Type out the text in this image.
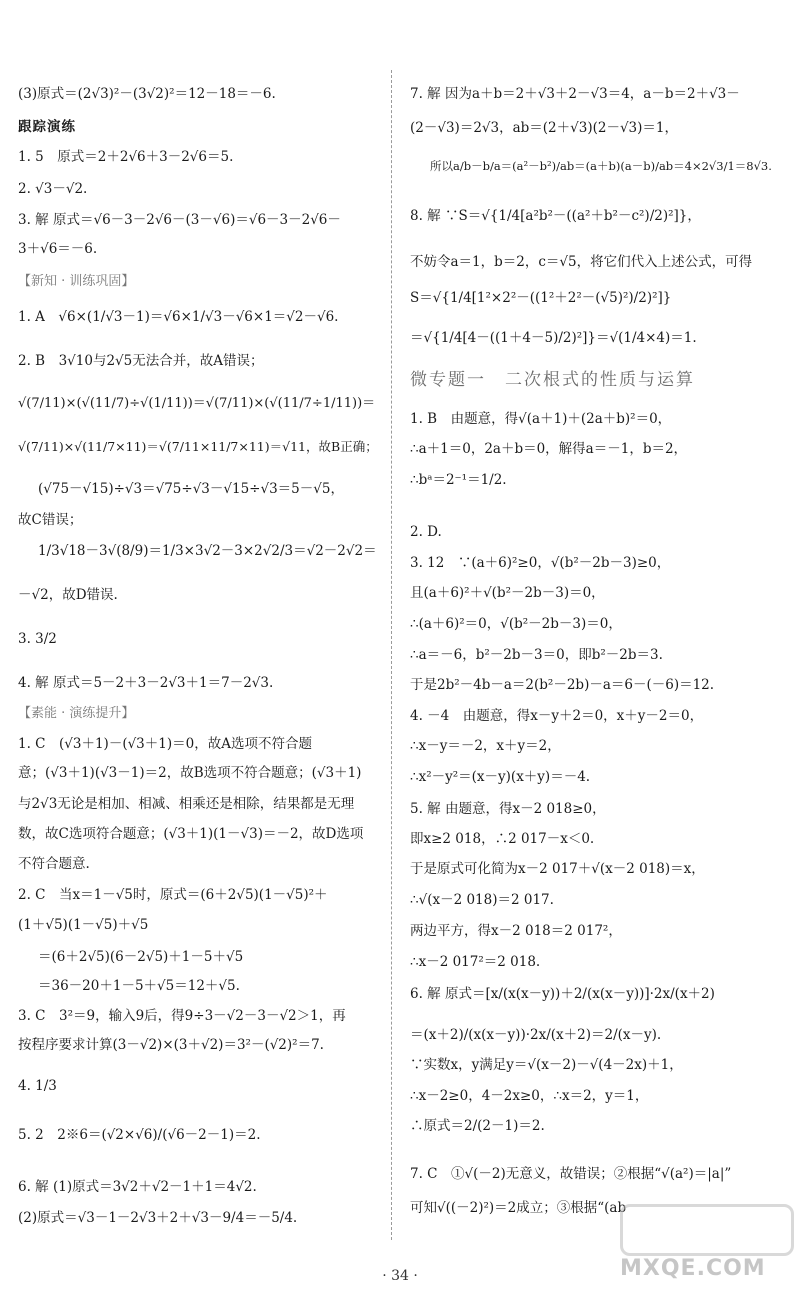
(3)原式＝(2√3)²－(3√2)²＝12－18＝－6.
跟踪演练
1. 5　原式＝2＋2√6＋3－2√6＝5.
2. √3－√2.
3. 解 原式＝√6－3－2√6－(3－√6)＝√6－3－2√6－
3＋√6＝－6.
【新知 · 训练巩固】
1. A　√6×(1/√3－1)＝√6×1/√3－√6×1＝√2－√6.
2. B　3√10与2√5无法合并，故A错误；
√(7/11)×(√(11/7)÷√(1/11))＝√(7/11)×(√(11/7÷1/11))＝
√(7/11)×√(11/7×11)＝√(7/11×11/7×11)＝√11，故B正确；
(√75－√15)÷√3＝√75÷√3－√15÷√3＝5－√5，
故C错误；
1/3√18－3√(8/9)＝1/3×3√2－3×2√2/3＝√2－2√2＝
－√2，故D错误.
3. 3/2
4. 解 原式＝5－2＋3－2√3＋1＝7－2√3.
【素能 · 演练提升】
1. C　(√3＋1)－(√3＋1)＝0，故A选项不符合题
意；(√3＋1)(√3－1)＝2，故B选项不符合题意；(√3＋1)
与2√3无论是相加、相减、相乘还是相除，结果都是无理
数，故C选项符合题意；(√3＋1)(1－√3)＝－2，故D选项
不符合题意.
2. C　当x＝1－√5时，原式＝(6＋2√5)(1－√5)²＋
(1＋√5)(1－√5)＋√5
＝(6＋2√5)(6－2√5)＋1－5＋√5
＝36－20＋1－5＋√5＝12＋√5.
3. C　3²＝9，输入9后，得9÷3－√2－3－√2＞1，再
按程序要求计算(3－√2)×(3＋√2)＝3²－(√2)²＝7.
4. 1/3
5. 2　2※6＝(√2×√6)/(√6－2－1)＝2.
6. 解 (1)原式＝3√2＋√2－1＋1＝4√2.
(2)原式＝√3－1－2√3＋2＋√3－9/4＝－5/4.
7. 解 因为a＋b＝2＋√3＋2－√3＝4，a－b＝2＋√3－
(2－√3)＝2√3，ab＝(2＋√3)(2－√3)＝1，
所以a/b－b/a＝(a²－b²)/ab＝(a＋b)(a－b)/ab＝4×2√3/1＝8√3.
8. 解 ∵S＝√{1/4[a²b²－((a²＋b²－c²)/2)²]}，
不妨令a＝1，b＝2，c＝√5，将它们代入上述公式，可得
S＝√{1/4[1²×2²－((1²＋2²－(√5)²)/2)²]}
＝√{1/4[4－((1＋4－5)/2)²]}＝√(1/4×4)＝1.
微专题一　二次根式的性质与运算
1. B　由题意，得√(a＋1)＋(2a＋b)²＝0，
∴a＋1＝0，2a＋b＝0，解得a＝－1，b＝2，
∴bᵃ＝2⁻¹＝1/2.
2. D.
3. 12　∵(a＋6)²≥0，√(b²－2b－3)≥0，
且(a＋6)²＋√(b²－2b－3)＝0，
∴(a＋6)²＝0，√(b²－2b－3)＝0，
∴a＝－6，b²－2b－3＝0，即b²－2b＝3.
于是2b²－4b－a＝2(b²－2b)－a＝6－(－6)＝12.
4. －4　由题意，得x－y＋2＝0，x＋y－2＝0，
∴x－y＝－2，x＋y＝2，
∴x²－y²＝(x－y)(x＋y)＝－4.
5. 解 由题意，得x－2 018≥0，
即x≥2 018，∴2 017－x＜0.
于是原式可化简为x－2 017＋√(x－2 018)＝x，
∴√(x－2 018)＝2 017.
两边平方，得x－2 018＝2 017²，
∴x－2 017²＝2 018.
6. 解 原式＝[x/(x(x－y))＋2/(x(x－y))]·2x/(x＋2)
＝(x＋2)/(x(x－y))·2x/(x＋2)＝2/(x－y).
∵实数x，y满足y＝√(x－2)－√(4－2x)＋1，
∴x－2≥0，4－2x≥0，∴x＝2，y＝1，
∴原式＝2/(2－1)＝2.
7. C　①√(－2)无意义，故错误；②根据“√(a²)＝|a|”
可知√((－2)²)＝2成立；③根据“(ab
· 34 ·	MXQE.COM
